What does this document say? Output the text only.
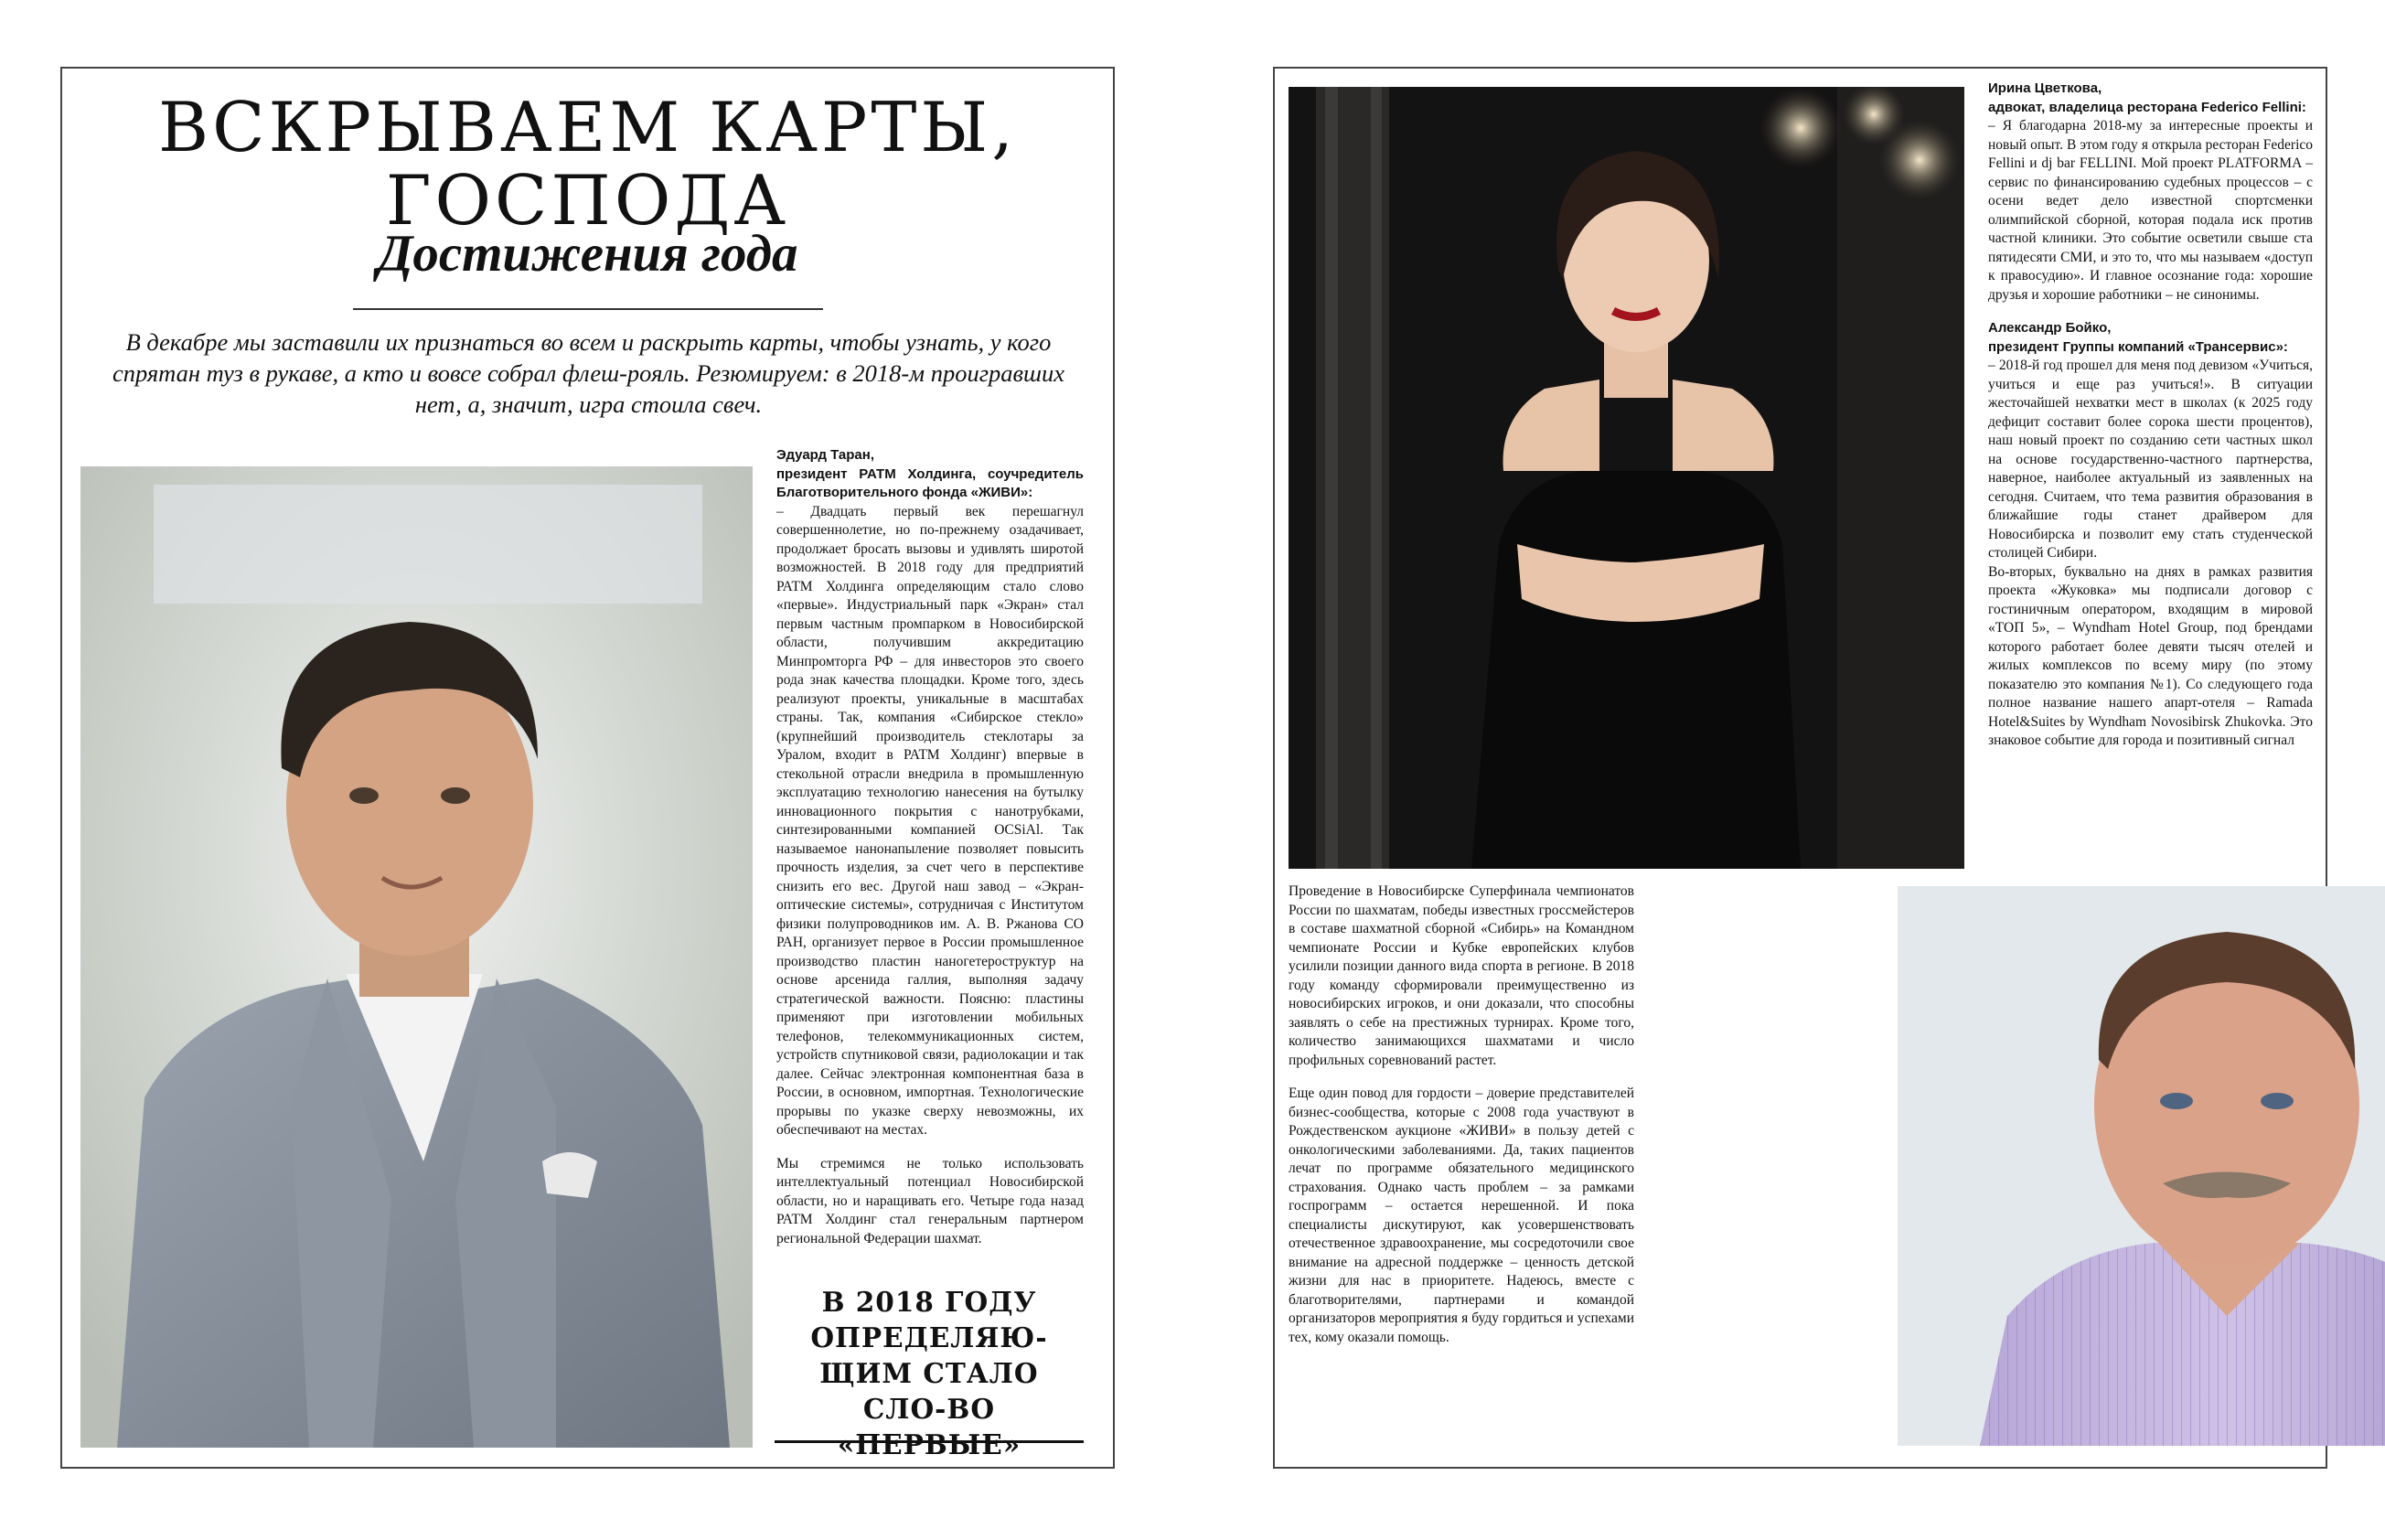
ВСКРЫВАЕМ КАРТЫ,
ГОСПОДА
Достижения года

В декабре мы заставили их признаться во всем и раскрыть карты, чтобы узнать, у кого спрятан туз в рукаве, а кто и вовсе собрал флеш-рояль. Резюмируем: в 2018-м проигравших нет, а, значит, игра стоила свеч.

Эдуард Таран,

президент РАТМ Холдинга, соучредитель Благотворительного фонда «ЖИВИ»:

– Двадцать первый век перешагнул совершеннолетие, но по-прежнему озадачивает, продолжает бросать вызовы и удивлять широтой возможностей. В 2018 году для предприятий РАТМ Холдинга определяющим стало слово «первые». Индустриальный парк «Экран» стал первым частным промпарком в Новосибирской области, получившим аккредитацию Минпромторга РФ – для инвесторов это своего рода знак качества площадки. Кроме того, здесь реализуют проекты, уникальные в масштабах страны. Так, компания «Сибирское стекло» (крупнейший производитель стеклотары за Уралом, входит в РАТМ Холдинг) впервые в стекольной отрасли внедрила в промышленную эксплуатацию технологию нанесения на бутылку инновационного покрытия с нанотрубками, синтезированными компанией OCSiAl. Так называемое нанонапыление позволяет повысить прочность изделия, за счет чего в перспективе снизить его вес. Другой наш завод – «Экран-оптические системы», сотрудничая с Институтом физики полупроводников им. А. В. Ржанова СО РАН, организует первое в России промышленное производство пластин наногетероструктур на основе арсенида галлия, выполняя задачу стратегической важности. Поясню: пластины применяют при изготовлении мобильных телефонов, телекоммуникационных систем, устройств спутниковой связи, радиолокации и так далее. Сейчас электронная компонентная база в России, в основном, импортная. Технологические прорывы по указке сверху невозможны, их обеспечивают на местах.

Мы стремимся не только использовать интеллектуальный потенциал Новосибирской области, но и наращивать его. Четыре года назад РАТМ Холдинг стал генеральным партнером региональной Федерации шахмат.

В 2018 ГОДУ ОПРЕДЕЛЯЮ-ЩИМ СТАЛО СЛО-ВО «ПЕРВЫЕ»

Ирина Цветкова,

адвокат, владелица ресторана Federico Fellini:

– Я благодарна 2018-му за интересные проекты и новый опыт. В этом году я открыла ресторан Federico Fellini и dj bar FELLINI. Мой проект PLATFORMA – сервис по финансированию судебных процессов – с осени ведет дело известной спортсменки олимпийской сборной, которая подала иск против частной клиники. Это событие осветили свыше ста пятидесяти СМИ, и это то, что мы называем «доступ к правосудию». И главное осознание года: хорошие друзья и хорошие работники – не синонимы.

Александр Бойко,

президент Группы компаний «Трансервис»:

– 2018-й год прошел для меня под девизом «Учиться, учиться и еще раз учиться!». В ситуации жесточайшей нехватки мест в школах (к 2025 году дефицит составит более сорока шести процентов), наш новый проект по созданию сети частных школ на основе государственно-частного партнерства, наверное, наиболее актуальный из заявленных на сегодня. Считаем, что тема развития образования в ближайшие годы станет драйвером для Новосибирска и позволит ему стать студенческой столицей Сибири.

Во-вторых, буквально на днях в рамках развития проекта «Жуковка» мы подписали договор с гостиничным оператором, входящим в мировой «ТОП 5», – Wyndham Hotel Group, под брендами которого работает более девяти тысяч отелей и жилых комплексов по всему миру (по этому показателю это компания №1). Со следующего года полное название нашего апарт-отеля – Ramada Hotel&Suites by Wyndham Novosibirsk Zhukovka. Это знаковое событие для города и позитивный сигнал

Проведение в Новосибирске Суперфинала чемпионатов России по шахматам, победы известных гроссмейстеров в составе шахматной сборной «Сибирь» на Командном чемпионате России и Кубке европейских клубов усилили позиции данного вида спорта в регионе. В 2018 году команду сформировали преимущественно из новосибирских игроков, и они доказали, что способны заявлять о себе на престижных турнирах. Кроме того, количество занимающихся шахматами и число профильных соревнований растет.

Еще один повод для гордости – доверие представителей бизнес-сообщества, которые с 2008 года участвуют в Рождественском аукционе «ЖИВИ» в пользу детей с онкологическими заболеваниями. Да, таких пациентов лечат по программе обязательного медицинского страхования. Однако часть проблем – за рамками госпрограмм – остается нерешенной. И пока специалисты дискутируют, как усовершенствовать отечественное здравоохранение, мы сосредоточили свое внимание на адресной поддержке – ценность детской жизни для нас в приоритете. Надеюсь, вместе с благотворителями, партнерами и командой организаторов мероприятия я буду гордиться и успехами тех, кому оказали помощь.
